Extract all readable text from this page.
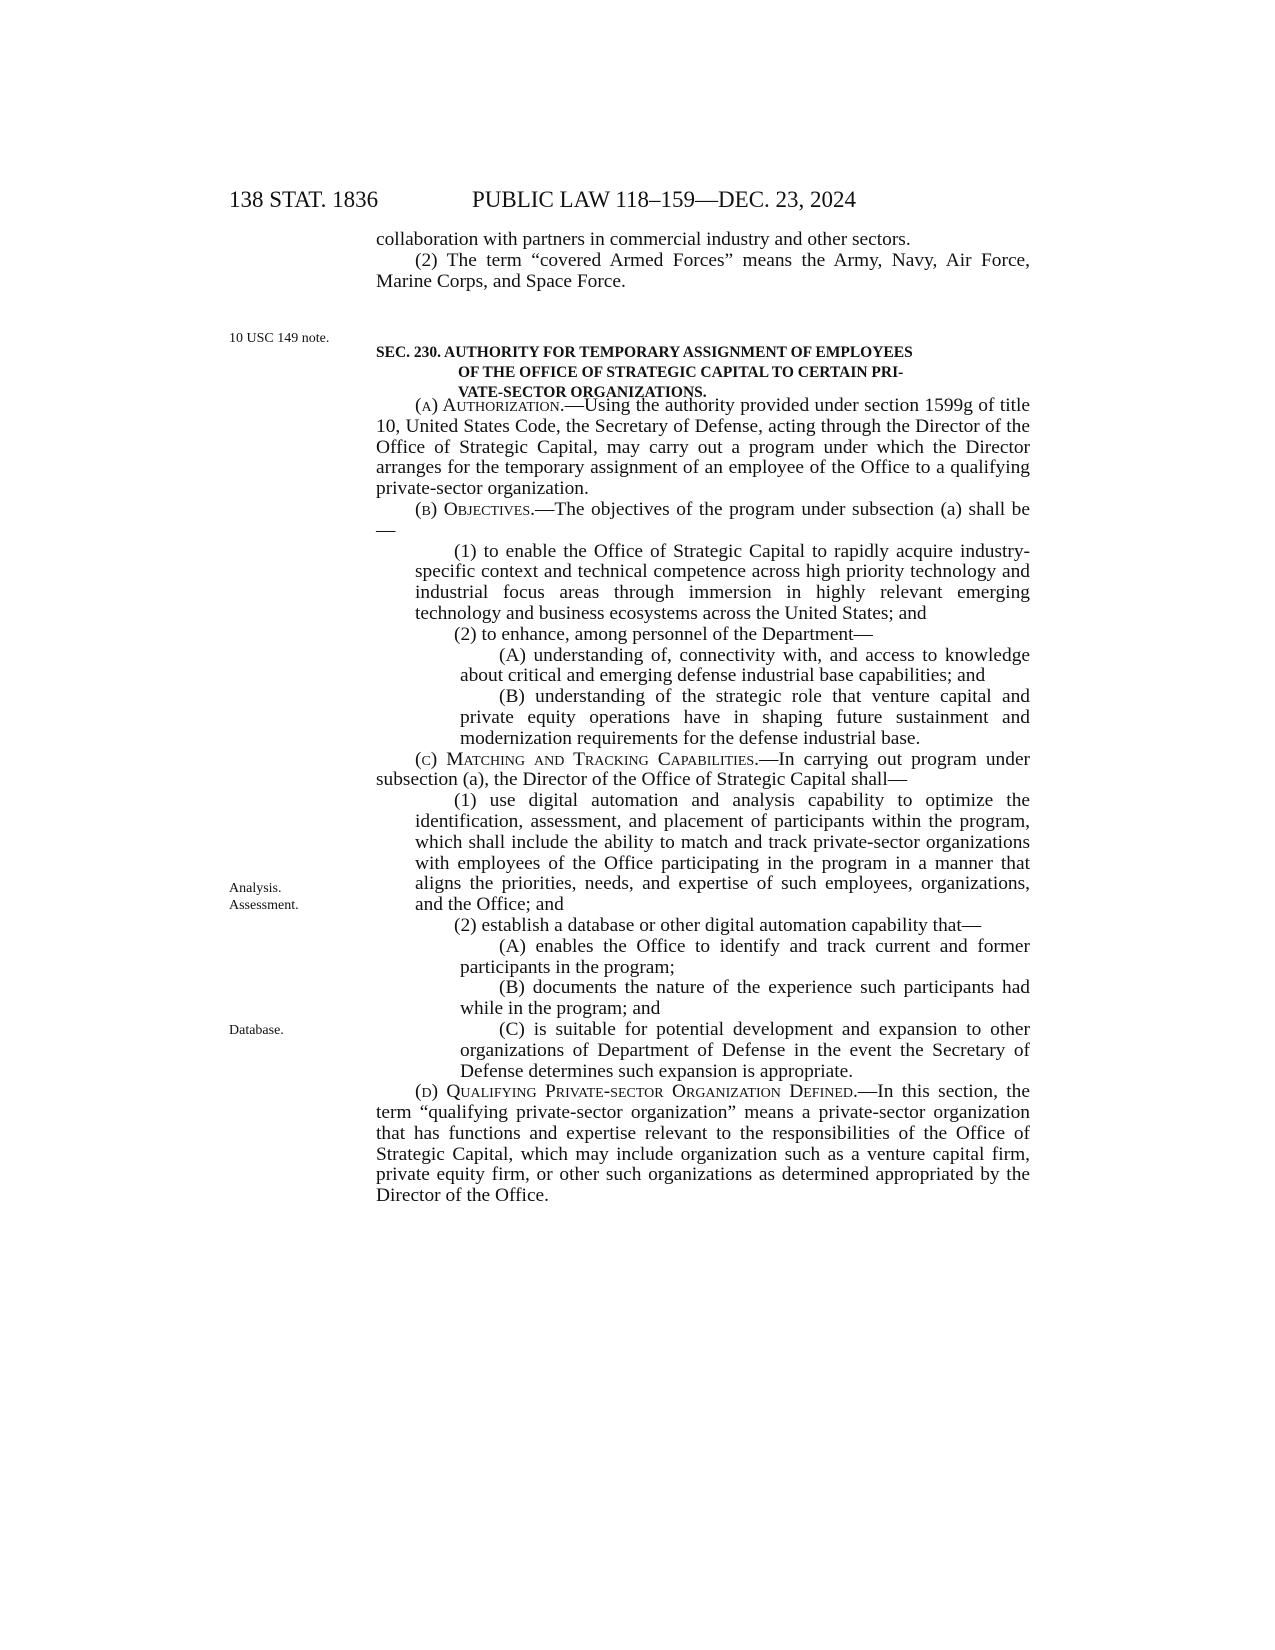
138 STAT. 1836	PUBLIC LAW 118–159—DEC. 23, 2024

collaboration with partners in commercial industry and other sectors.

(2) The term “covered Armed Forces” means the Army, Navy, Air Force, Marine Corps, and Space Force.

10 USC 149 note.
SEC. 230. AUTHORITY FOR TEMPORARY ASSIGNMENT OF EMPLOYEES
OF THE OFFICE OF STRATEGIC CAPITAL TO CERTAIN PRI-
VATE-SECTOR ORGANIZATIONS.

(a) Authorization.—Using the authority provided under section 1599g of title 10, United States Code, the Secretary of Defense, acting through the Director of the Office of Strategic Capital, may carry out a program under which the Director arranges for the temporary assignment of an employee of the Office to a qualifying private-sector organization.

(b) Objectives.—The objectives of the program under subsection (a) shall be—

(1) to enable the Office of Strategic Capital to rapidly acquire industry-specific context and technical competence across high priority technology and industrial focus areas through immersion in highly relevant emerging technology and business ecosystems across the United States; and

(2) to enhance, among personnel of the Department—

(A) understanding of, connectivity with, and access to knowledge about critical and emerging defense industrial base capabilities; and

(B) understanding of the strategic role that venture capital and private equity operations have in shaping future sustainment and modernization requirements for the defense industrial base.

(c) Matching and Tracking Capabilities.—In carrying out program under subsection (a), the Director of the Office of Strategic Capital shall—

(1) use digital automation and analysis capability to optimize the identification, assessment, and placement of participants within the program, which shall include the ability to match and track private-sector organizations with employees of the Office participating in the program in a manner that aligns the priorities, needs, and expertise of such employees, organizations, and the Office; and

(2) establish a database or other digital automation capability that—

(A) enables the Office to identify and track current and former participants in the program;

(B) documents the nature of the experience such participants had while in the program; and

(C) is suitable for potential development and expansion to other organizations of Department of Defense in the event the Secretary of Defense determines such expansion is appropriate.

(d) Qualifying Private-sector Organization Defined.—In this section, the term “qualifying private-sector organization” means a private-sector organization that has functions and expertise relevant to the responsibilities of the Office of Strategic Capital, which may include organization such as a venture capital firm, private equity firm, or other such organizations as determined appropriated by the Director of the Office.

Analysis.
Assessment.
Database.
